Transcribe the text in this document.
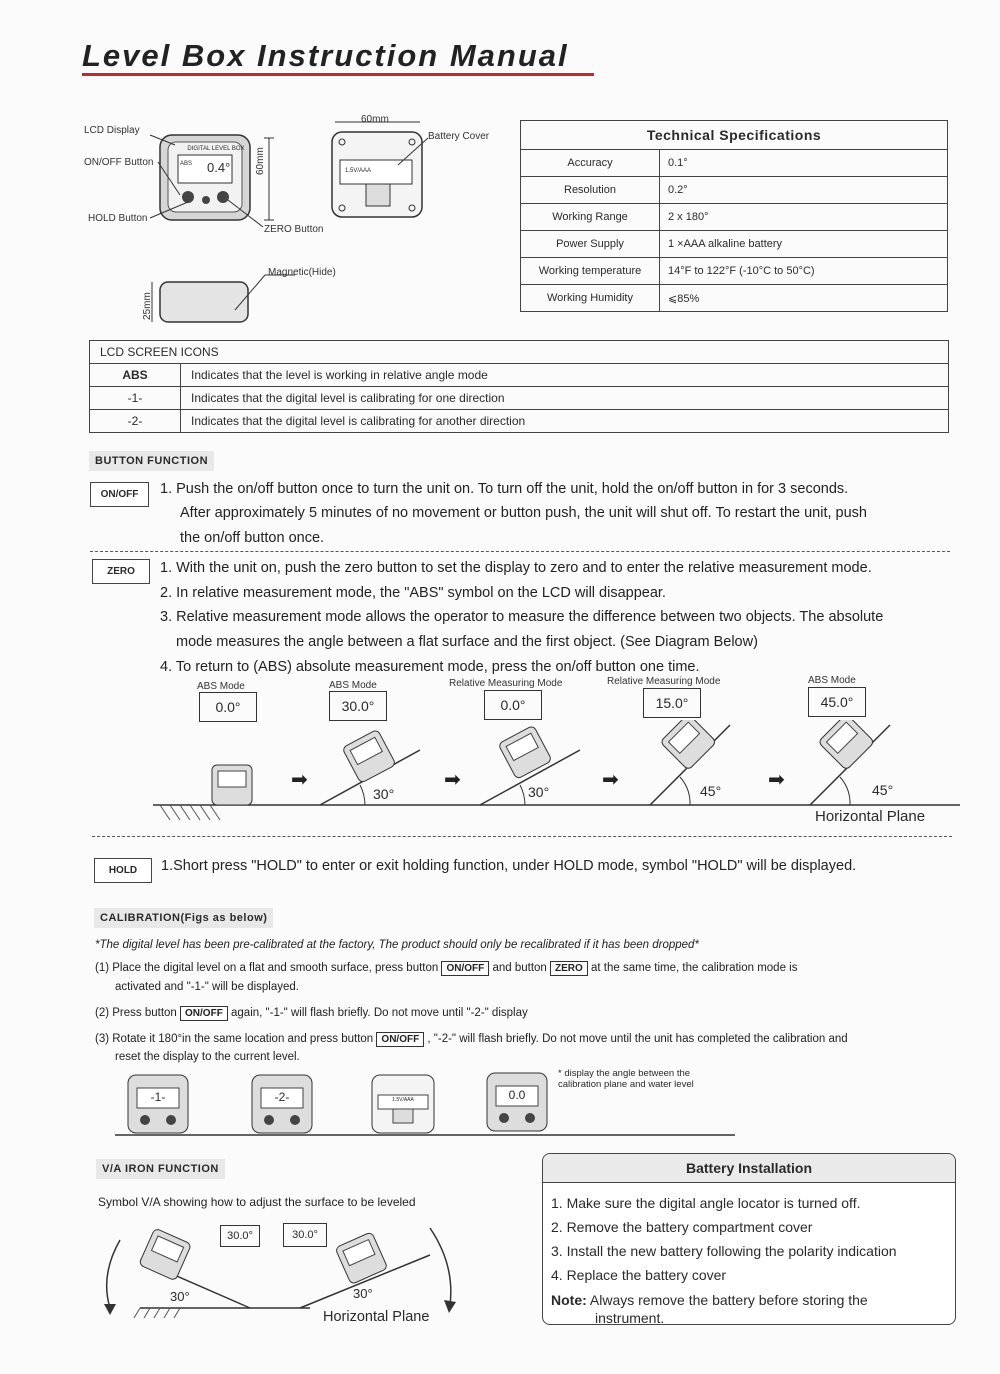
Level Box Instruction Manual
LCD Display
ON/OFF Button
HOLD Button
ZERO Button
Battery Cover
Magnetic(Hide)
60mm
60mm
25mm
DIGITAL LEVEL BOX
ABS 0.4°	1.5V/AAA
Technical Specifications	
Accuracy	0.1°
Resolution	0.2°
Working Range	2 x 180°
Power Supply	1 ×AAA alkaline battery
Working temperature	14°F to 122°F (-10°C to 50°C)
Working Humidity	⩽85%
LCD SCREEN ICONS	
ABS	Indicates that the level is working in relative angle mode
-1-	Indicates that the digital level is calibrating for one direction
-2-	Indicates that the digital level is calibrating for another direction
BUTTON FUNCTION
ON/OFF	1. Push the on/off button once to turn the unit on. To turn off the unit, hold the on/off button in for 3 seconds.
After approximately 5 minutes of no movement or button push, the unit will shut off. To restart the unit, push
the on/off button once.
ZERO	1. With the unit on, push the zero button to set the display to zero and to enter the relative measurement mode.
2. In relative measurement mode, the "ABS" symbol on the LCD will disappear.
3. Relative measurement mode allows the operator to measure the difference between two objects. The absolute
mode measures the angle between a flat surface and the first object. (See Diagram Below)
4. To return to (ABS) absolute measurement mode, press the on/off button one time.
ABS Mode	ABS Mode	Relative Measuring Mode	Relative Measuring Mode	ABS Mode
0.0°	30.0°	0.0°	15.0°	45.0°
➡	➡	➡	➡
30°	30°	45°	45°
Horizontal Plane
HOLD	1.Short press "HOLD" to enter or exit holding function, under HOLD mode, symbol "HOLD" will be displayed.
CALIBRATION(Figs as below)
*The digital level has been pre-calibrated at the factory, The product should only be recalibrated if it has been dropped*
(1) Place the digital level on a flat and smooth surface, press button ON/OFF and button ZERO at the same time, the calibration mode is
activated and "-1-" will be displayed.
(2) Press button ON/OFF again, "-1-" will flash briefly. Do not move until "-2-" display
(3) Rotate it 180°in the same location and press button ON/OFF , "-2-" will flash briefly. Do not move until the unit has completed the calibration and
reset the display to the current level.
-1-	-2-	0.0
1.5V/AAA
* display the angle between the calibration plane and water level
V/A IRON FUNCTION
Symbol V/A showing how to adjust the surface to be leveled
30.0°	30.0°
30°	30°
Horizontal Plane
Battery Installation
1. Make sure the digital angle locator is turned off.
2. Remove the battery compartment cover
3. Install the new battery following the polarity indication
4. Replace the battery cover
Note: Always remove the battery before storing the
instrument.
